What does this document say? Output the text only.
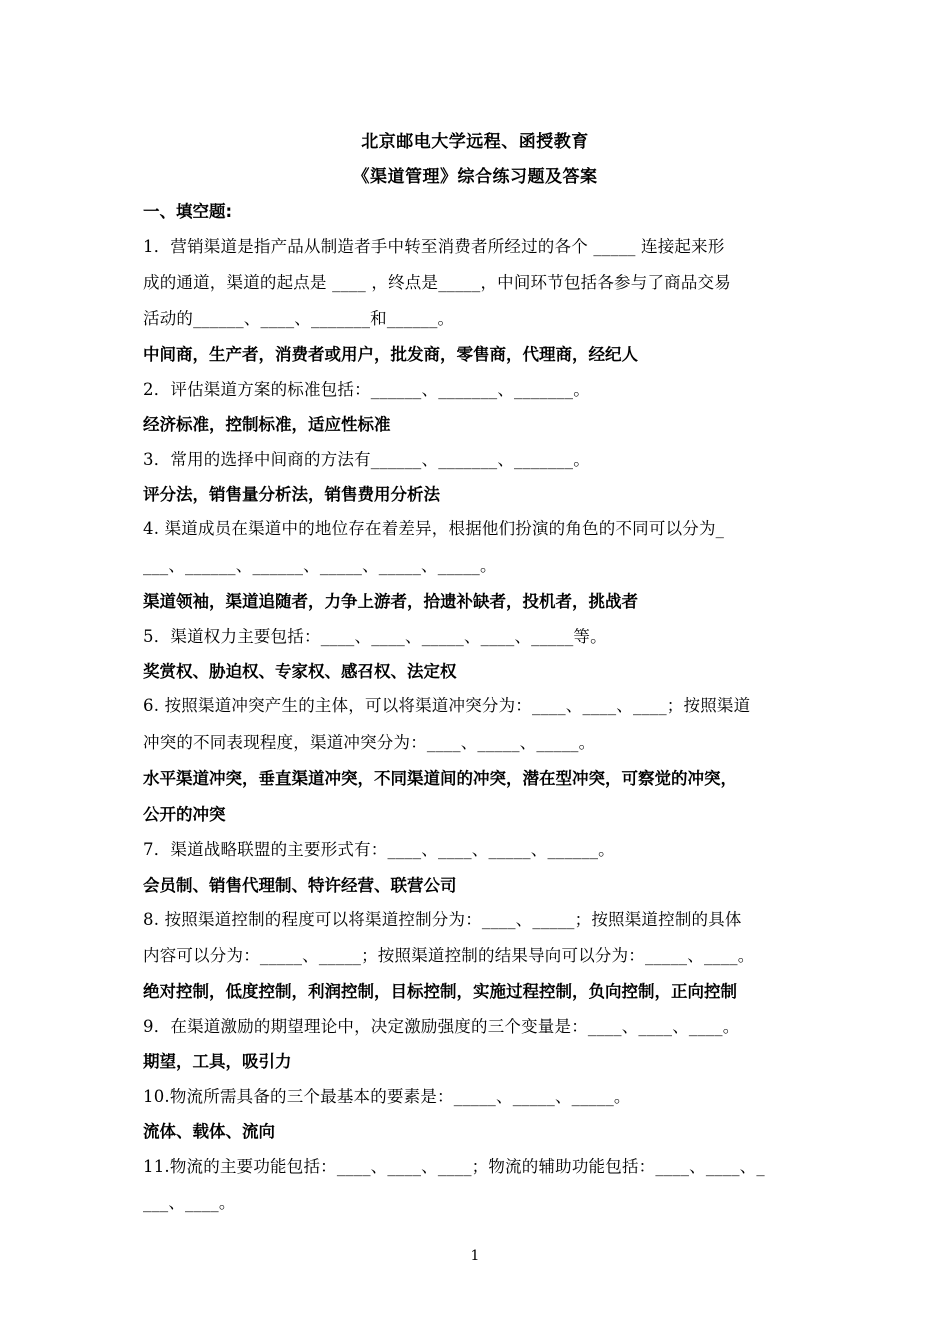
北京邮电大学远程、函授教育
《渠道管理》综合练习题及答案
一、填空题:
1．营销渠道是指产品从制造者手中转至消费者所经过的各个 _____ 连接起来形
成的通道，渠道的起点是 ____ ，终点是_____，中间环节包括各参与了商品交易
活动的______、____、_______和______。
中间商，生产者，消费者或用户，批发商，零售商，代理商，经纪人
2．评估渠道方案的标准包括：______、_______、_______。
经济标准，控制标准，适应性标准
3．常用的选择中间商的方法有______、_______、_______。
评分法，销售量分析法，销售费用分析法
4. 渠道成员在渠道中的地位存在着差异，根据他们扮演的角色的不同可以分为_
___、______、______、_____、_____、_____。
渠道领袖，渠道追随者，力争上游者，拾遗补缺者，投机者，挑战者
5．渠道权力主要包括：____、____、_____、____、_____等。
奖赏权、胁迫权、专家权、感召权、法定权
6. 按照渠道冲突产生的主体，可以将渠道冲突分为：____、____、____；按照渠道
冲突的不同表现程度，渠道冲突分为：____、_____、_____。
水平渠道冲突，垂直渠道冲突，不同渠道间的冲突，潜在型冲突，可察觉的冲突，
公开的冲突
7．渠道战略联盟的主要形式有：____、____、_____、______。
会员制、销售代理制、特许经营、联营公司
8. 按照渠道控制的程度可以将渠道控制分为：____、_____；按照渠道控制的具体
内容可以分为：_____、_____；按照渠道控制的结果导向可以分为：_____、____。
绝对控制，低度控制，利润控制，目标控制，实施过程控制，负向控制，正向控制
9．在渠道激励的期望理论中，决定激励强度的三个变量是：____、____、____。
期望，工具，吸引力
10.物流所需具备的三个最基本的要素是：_____、_____、_____。
流体、载体、流向
11.物流的主要功能包括：____、____、____；物流的辅助功能包括：____、____、_
___、____。
1
